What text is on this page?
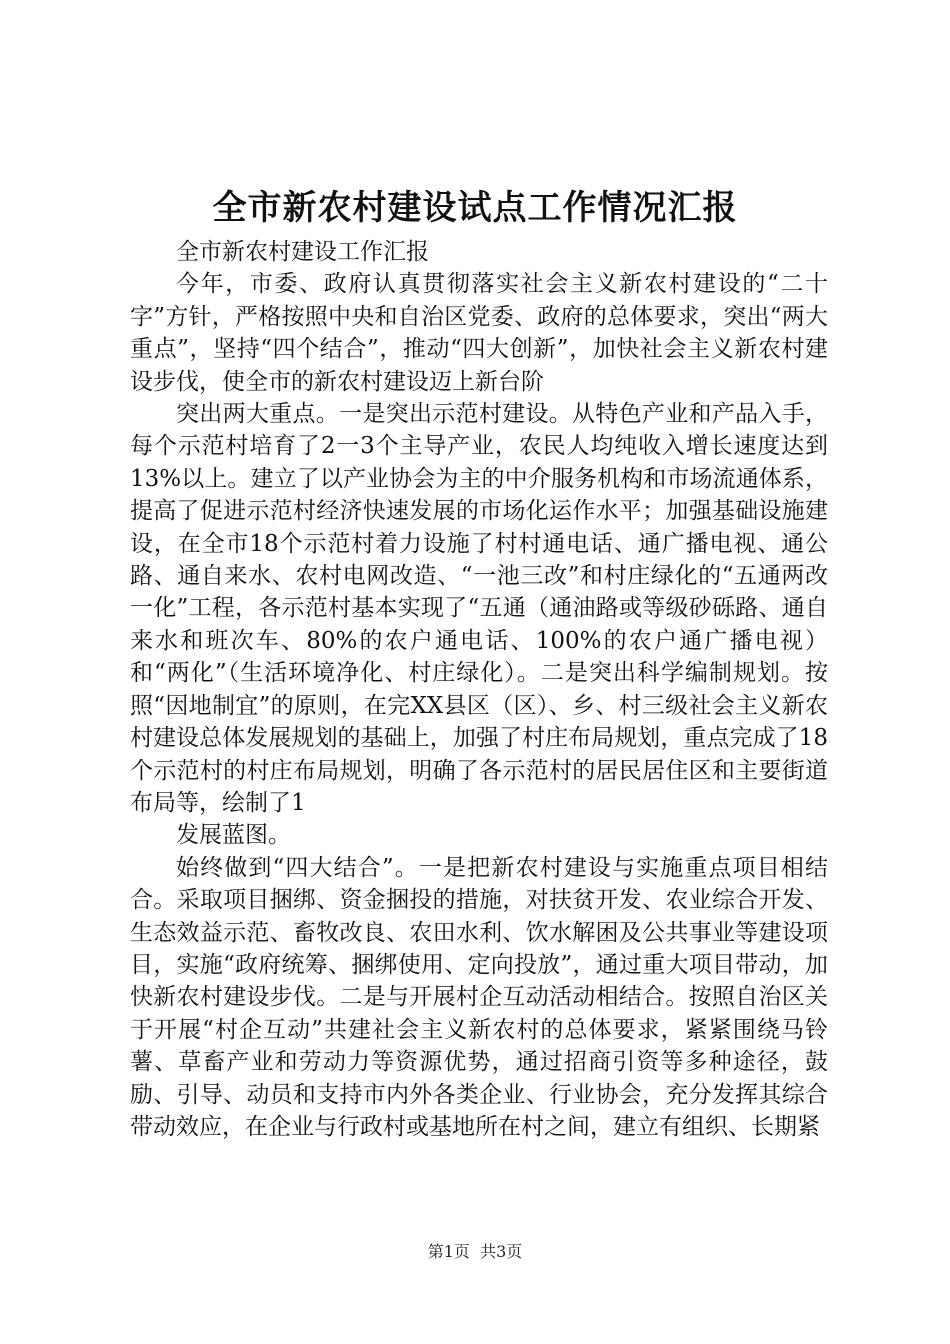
全市新农村建设试点工作情况汇报

全市新农村建设工作汇报

今年，市委、政府认真贯彻落实社会主义新农村建设的“二十字”方针，严格按照中央和自治区党委、政府的总体要求，突出“两大重点”，坚持“四个结合”，推动“四大创新”，加快社会主义新农村建设步伐，使全市的新农村建设迈上新台阶

突出两大重点。一是突出示范村建设。从特色产业和产品入手，每个示范村培育了2一3个主导产业，农民人均纯收入增长速度达到13%以上。建立了以产业协会为主的中介服务机构和市场流通体系，提高了促进示范村经济快速发展的市场化运作水平；加强基础设施建设，在全市18个示范村着力设施了村村通电话、通广播电视、通公路、通自来水、农村电网改造、“一池三改”和村庄绿化的“五通两改一化”工程，各示范村基本实现了“五通（通油路或等级砂砾路、通自来水和班次车、80%的农户通电话、100%的农户通广播电视）和“两化”（生活环境净化、村庄绿化）。二是突出科学编制规划。按照“因地制宜”的原则，在完XX县区（区）、乡、村三级社会主义新农村建设总体发展规划的基础上，加强了村庄布局规划，重点完成了18个示范村的村庄布局规划，明确了各示范村的居民居住区和主要街道布局等，绘制了1

发展蓝图。

始终做到“四大结合”。一是把新农村建设与实施重点项目相结合。采取项目捆绑、资金捆投的措施，对扶贫开发、农业综合开发、生态效益示范、畜牧改良、农田水利、饮水解困及公共事业等建设项目，实施“政府统筹、捆绑使用、定向投放”，通过重大项目带动，加快新农村建设步伐。二是与开展村企互动活动相结合。按照自治区关于开展“村企互动”共建社会主义新农村的总体要求，紧紧围绕马铃薯、草畜产业和劳动力等资源优势，通过招商引资等多种途径，鼓励、引导、动员和支持市内外各类企业、行业协会，充分发挥其综合带动效应，在企业与行政村或基地所在村之间，建立有组织、长期紧

第1页  共3页
